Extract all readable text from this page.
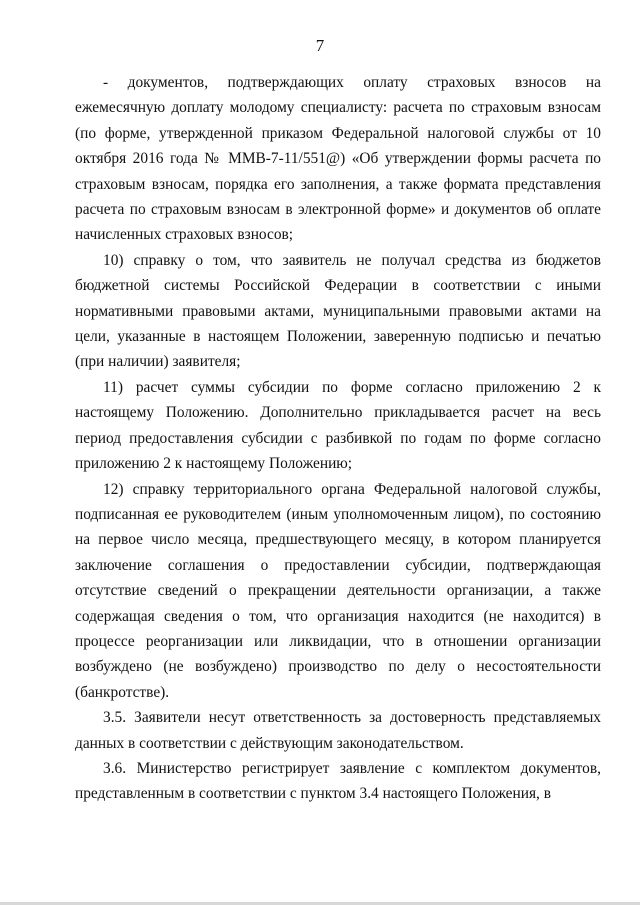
7

- документов, подтверждающих оплату страховых взносов на ежемесячную доплату молодому специалисту: расчета по страховым взносам (по форме, утвержденной приказом Федеральной налоговой службы от 10 октября 2016 года № ММВ-7-11/551@) «Об утверждении формы расчета по страховым взносам, порядка его заполнения, а также формата представления расчета по страховым взносам в электронной форме» и документов об оплате начисленных страховых взносов;

10) справку о том, что заявитель не получал средства из бюджетов бюджетной системы Российской Федерации в соответствии с иными нормативными правовыми актами, муниципальными правовыми актами на цели, указанные в настоящем Положении, заверенную подписью и печатью (при наличии) заявителя;

11) расчет суммы субсидии по форме согласно приложению 2 к настоящему Положению. Дополнительно прикладывается расчет на весь период предоставления субсидии с разбивкой по годам по форме согласно приложению 2 к настоящему Положению;

12) справку территориального органа Федеральной налоговой службы, подписанная ее руководителем (иным уполномоченным лицом), по состоянию на первое число месяца, предшествующего месяцу, в котором планируется заключение соглашения о предоставлении субсидии, подтверждающая отсутствие сведений о прекращении деятельности организации, а также содержащая сведения о том, что организация находится (не находится) в процессе реорганизации или ликвидации, что в отношении организации возбуждено (не возбуждено) производство по делу о несостоятельности (банкротстве).

3.5. Заявители несут ответственность за достоверность представляемых данных в соответствии с действующим законодательством.

3.6. Министерство регистрирует заявление с комплектом документов, представленным в соответствии с пунктом 3.4 настоящего Положения, в
